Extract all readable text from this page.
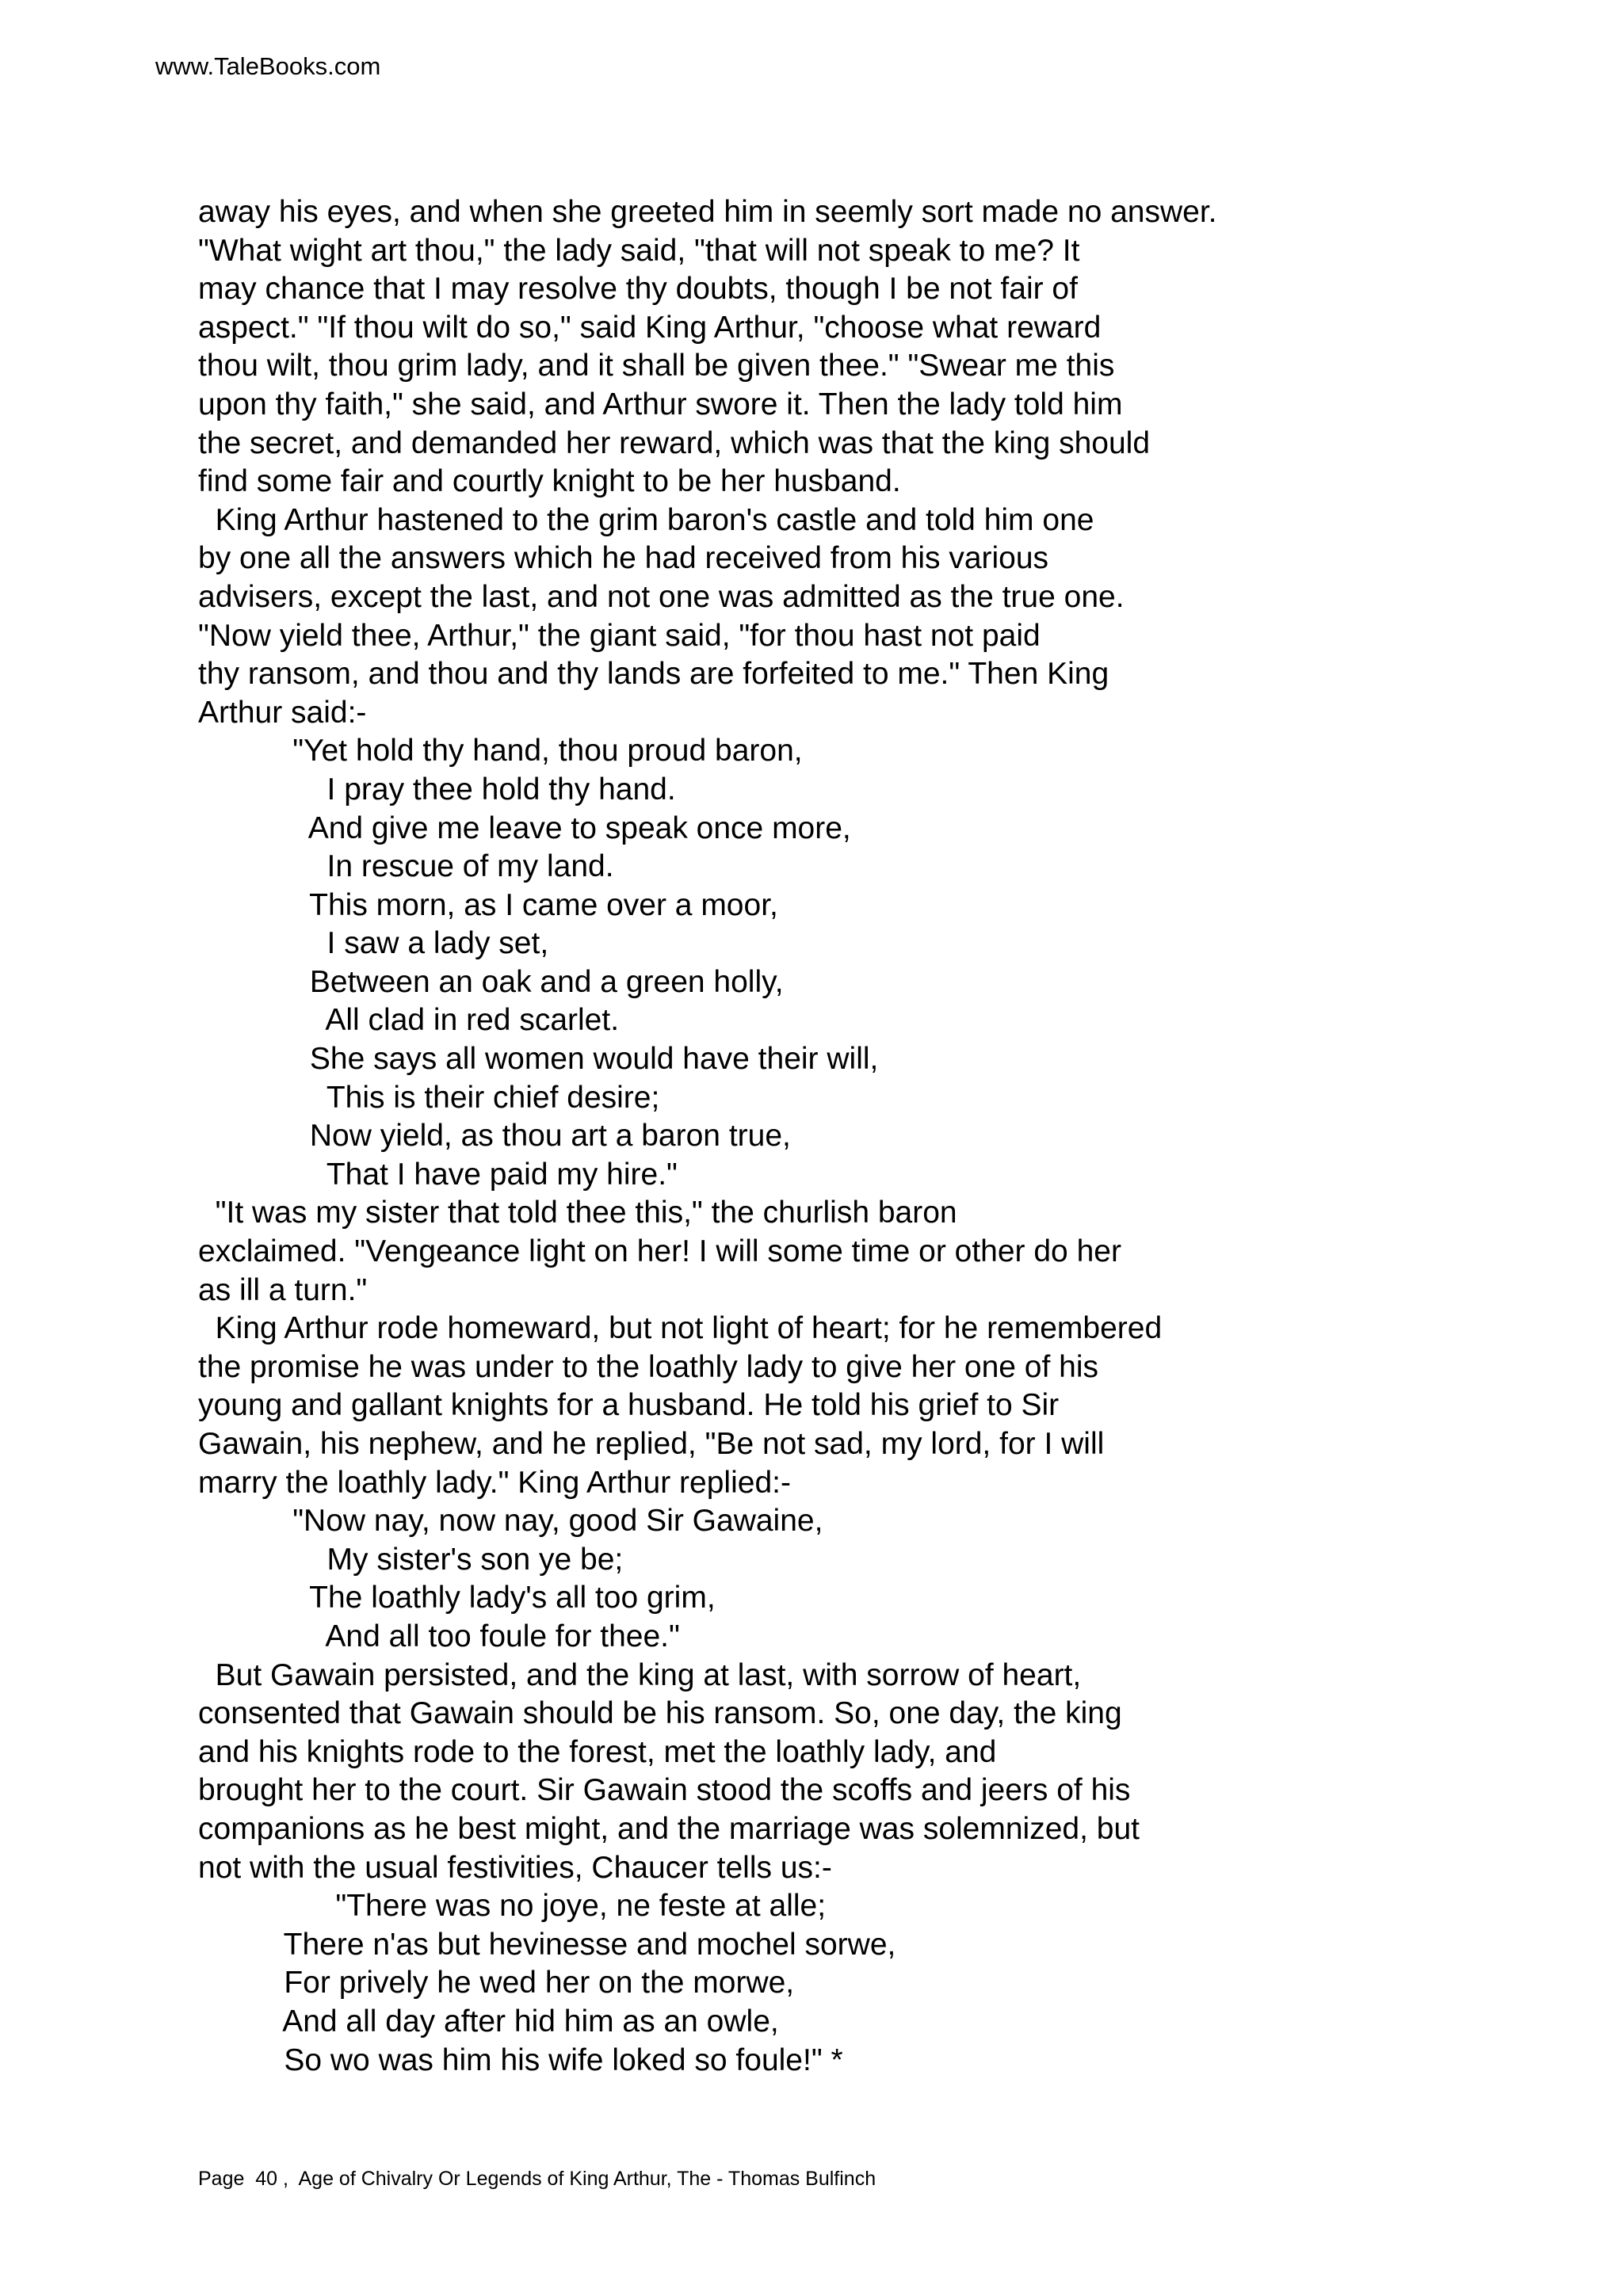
www.TaleBooks.com
away his eyes, and when she greeted him in seemly sort made no answer.
"What wight art thou," the lady said, "that will not speak to me? It
may chance that I may resolve thy doubts, though I be not fair of
aspect." "If thou wilt do so," said King Arthur, "choose what reward
thou wilt, thou grim lady, and it shall be given thee." "Swear me this
upon thy faith," she said, and Arthur swore it. Then the lady told him
the secret, and demanded her reward, which was that the king should
find some fair and courtly knight to be her husband.
King Arthur hastened to the grim baron's castle and told him one
by one all the answers which he had received from his various
advisers, except the last, and not one was admitted as the true one.
"Now yield thee, Arthur," the giant said, "for thou hast not paid
thy ransom, and thou and thy lands are forfeited to me." Then King
Arthur said:-
"Yet hold thy hand, thou proud baron,
I pray thee hold thy hand.
And give me leave to speak once more,
In rescue of my land.
This morn, as I came over a moor,
I saw a lady set,
Between an oak and a green holly,
All clad in red scarlet.
She says all women would have their will,
This is their chief desire;
Now yield, as thou art a baron true,
That I have paid my hire."
"It was my sister that told thee this," the churlish baron
exclaimed. "Vengeance light on her! I will some time or other do her
as ill a turn."
King Arthur rode homeward, but not light of heart; for he remembered
the promise he was under to the loathly lady to give her one of his
young and gallant knights for a husband. He told his grief to Sir
Gawain, his nephew, and he replied, "Be not sad, my lord, for I will
marry the loathly lady." King Arthur replied:-
"Now nay, now nay, good Sir Gawaine,
My sister's son ye be;
The loathly lady's all too grim,
And all too foule for thee."
But Gawain persisted, and the king at last, with sorrow of heart,
consented that Gawain should be his ransom. So, one day, the king
and his knights rode to the forest, met the loathly lady, and
brought her to the court. Sir Gawain stood the scoffs and jeers of his
companions as he best might, and the marriage was solemnized, but
not with the usual festivities, Chaucer tells us:-
"There was no joye, ne feste at alle;
There n'as but hevinesse and mochel sorwe,
For prively he wed her on the morwe,
And all day after hid him as an owle,
So wo was him his wife loked so foule!" *
Page  40 ,  Age of Chivalry Or Legends of King Arthur, The - Thomas Bulfinch
